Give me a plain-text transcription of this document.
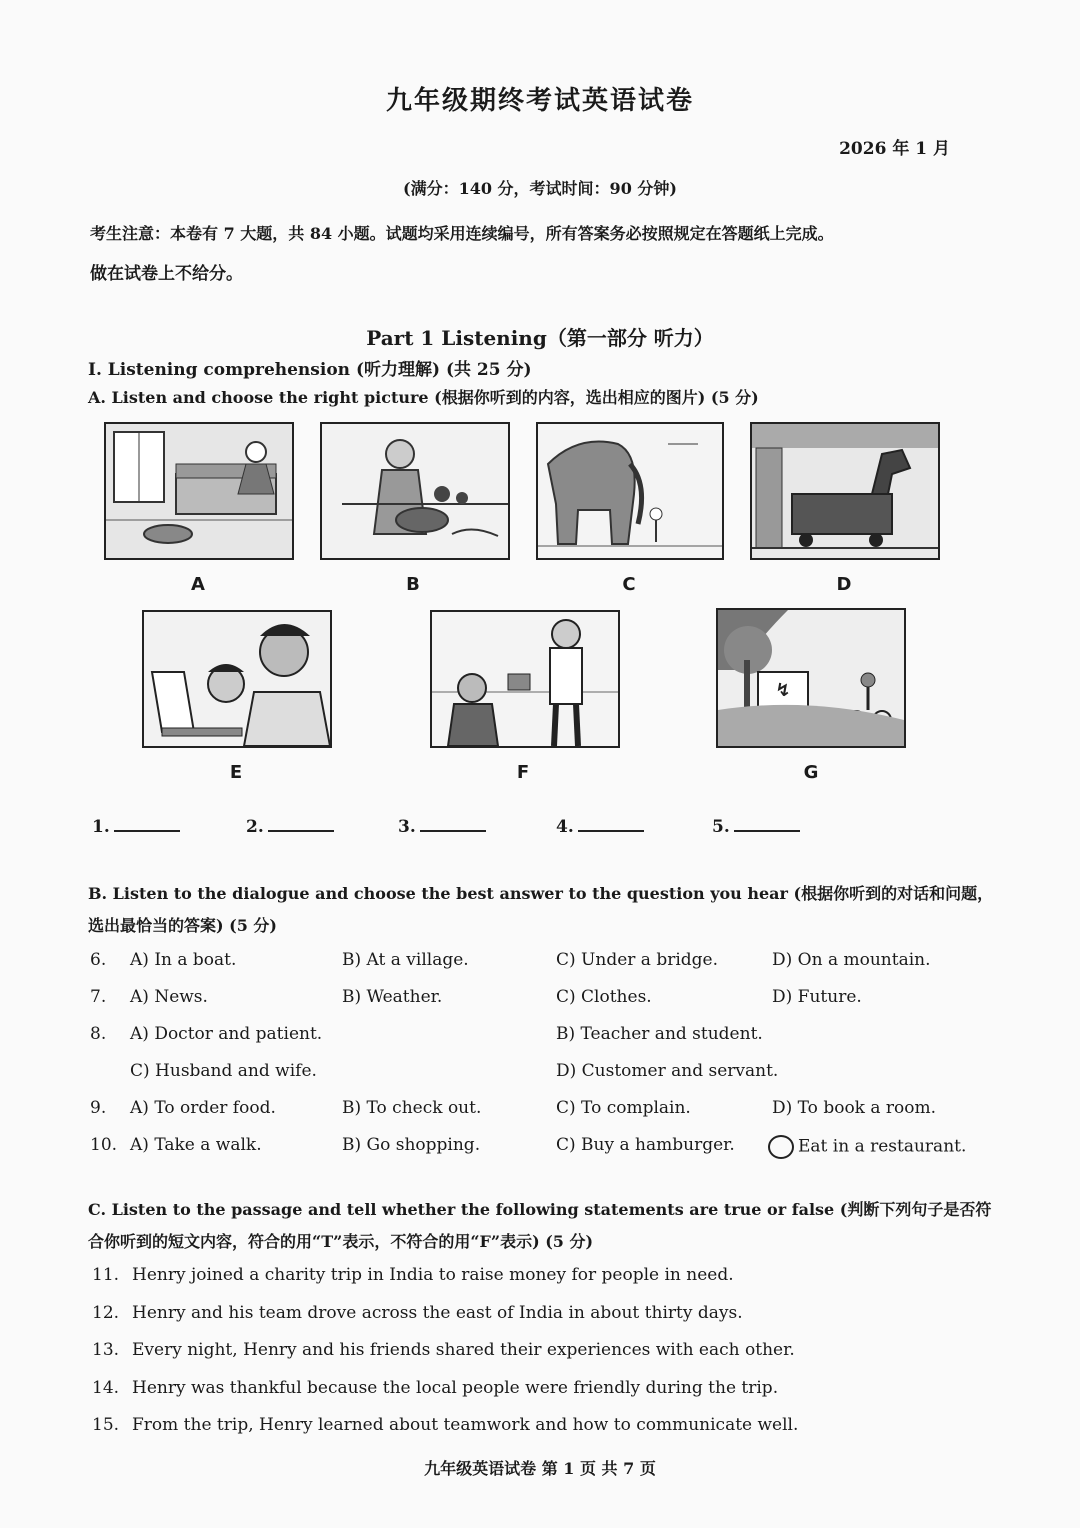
九年级期终考试英语试卷
2026 年 1 月
(满分：140 分，考试时间：90 分钟)
考生注意：本卷有 7 大题，共 84 小题。试题均采用连续编号，所有答案务必按照规定在答题纸上完成。
做在试卷上不给分。
Part 1 Listening（第一部分 听力）
I. Listening comprehension (听力理解) (共 25 分)
A. Listen and choose the right picture (根据你听到的内容，选出相应的图片) (5 分)
A	B	C	D
E	F
↯
G
1.	2.	3.	4.	5.
B. Listen to the dialogue and choose the best answer to the question you hear (根据你听到的对话和问题，
选出最恰当的答案) (5 分)
6. A) In a boat.	B) At a village.	C) Under a bridge.	D) On a mountain.
7. A) News.	B) Weather.	C) Clothes.	D) Future.
8. A) Doctor and patient.	B) Teacher and student.
C) Husband and wife.	D) Customer and servant.
9. A) To order food.	B) To check out.	C) To complain.	D) To book a room.
10. A) Take a walk.	B) Go shopping.	C) Buy a hamburger.	Eat in a restaurant.
C. Listen to the passage and tell whether the following statements are true or false (判断下列句子是否符
合你听到的短文内容，符合的用“T”表示，不符合的用“F”表示) (5 分)
11. Henry joined a charity trip in India to raise money for people in need.
12. Henry and his team drove across the east of India in about thirty days.
13. Every night, Henry and his friends shared their experiences with each other.
14. Henry was thankful because the local people were friendly during the trip.
15. From the trip, Henry learned about teamwork and how to communicate well.
九年级英语试卷 第 1 页 共 7 页
